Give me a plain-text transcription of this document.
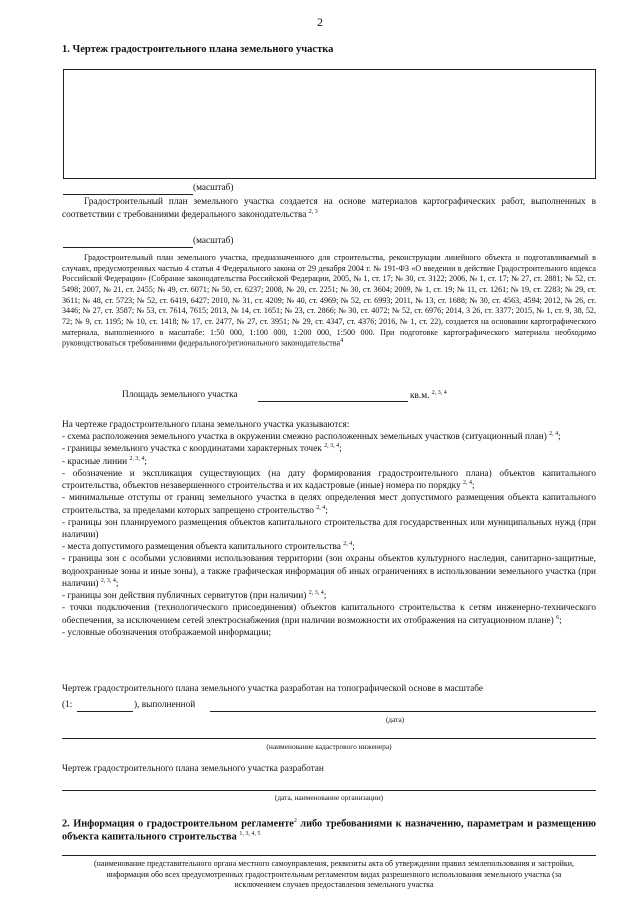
2
1. Чертеж градостроительного плана земельного участка
(масштаб)
Градостроительный план земельного участка создается на основе материалов картографических работ, выполненных в соответствии с требованиями федерального законодательства $^{2, 3}$
(масштаб)
Градостроительный план земельного участка, предназначенного для строительства, реконструкции линейного объекта и подготавливаемый в случаях, предусмотренных частью 4 статьи 4 Федерального закона от 29 декабря 2004 г. № 191-ФЗ «О введении в действие Градостроительного кодекса Российской Федерации» (Собрание законодательства Российской Федерации, 2005, № 1, ст. 17; № 30, ст. 3122; 2006, № 1, ст. 17; № 27, ст. 2881; № 52, ст. 5498; 2007, № 21, ст. 2455; № 49, ст. 6071; № 50, ст. 6237; 2008, № 20, ст. 2251; № 30, ст. 3604; 2009, № 1, ст. 19; № 11, ст. 1261; № 19, ст. 2283; № 29, ст. 3611; № 48, ст. 5723; № 52, ст. 6419, 6427; 2010, № 31, ст. 4209; № 40, ст. 4969; № 52, ст. 6993; 2011, № 13, ст. 1688; № 30, ст. 4563, 4594; 2012, № 26, ст. 3446; № 27, ст. 3587; № 53, ст. 7614, 7615; 2013, № 14, ст. 1651; № 23, ст. 2866; № 30, ст. 4072; № 52, ст. 6976; 2014, 3 26, ст. 3377; 2015, № 1, ст. 9, 38, 52, 72; № 9, ст. 1195; № 10, ст. 1418; № 17, ст. 2477, № 27, ст. 3951; № 29, ст. 4347, ст. 4376; 2016, № 1, ст. 22), создается на основании картографического материала, выполненного в масштабе: 1:50 000, 1:100 000, 1:200 000, 1:500 000. При подготовке картографического материала необходимо руководствоваться требованиями федерального/регионального законодательства$^4$
Площадь земельного участка	кв.м. $^{2, 3, 4}$

На чертеже градостроительного плана земельного участка указываются:

- схема расположения земельного участка в окружении смежно расположенных земельных участков (ситуационный план) $^{2, 4}$;

- границы земельного участка с координатами характерных точек $^{2, 3, 4}$;

- красные линии $^{2, 3, 4}$;

- обозначение и экспликация существующих (на дату формирования градостроительного плана) объектов капитального строительства, объектов незавершенного строительства и их кадастровые (иные) номера по порядку $^{2, 4}$;

- минимальные отступы от границ земельного участка в целях определения мест допустимого размещения объекта капитального строительства, за пределами которых запрещено строительство $^{2, 4}$;

- границы зон планируемого размещения объектов капитального строительства для государственных или муниципальных нужд (при наличии)

- места допустимого размещения объекта капитального строительства $^{2, 4}$;

- границы зон с особыми условиями использования территории (зон охраны объектов культурного наследия, санитарно-защитные, водоохранные зоны и иные зоны), а также графическая информация об иных ограничениях в использовании земельного участка (при наличии) $^{2, 3, 4}$;

- границы зон действия публичных сервитутов (при наличии) $^{2, 3, 4}$;

- точки подключения (технологического присоединения) объектов капитального строительства к сетям инженерно-технического обеспечения, за исключением сетей электроснабжения (при наличии возможности их отображения на ситуационном плане) $^6$;

- условные обозначения отображаемой информации;

Чертеж градостроительного плана земельного участка разработан на топографической основе в масштабе
(1:	), выполненной
(дата)
(наименование кадастрового инженера)
Чертеж градостроительного плана земельного участка разработан
(дата, наименование организации)
2. Информация о градостроительном регламенте$^2$ либо требованиями к назначению, параметрам и размещению объекта капитального строительства $^{1, 3, 4, 5}$
(наименование представительного органа местного самоуправления, реквизиты акта об утверждении правил землепользования и застройки, информация обо всех предусмотренных градостроительным регламентом видах разрешенного использования земельного участка (за исключением случаев предоставления земельного участка
